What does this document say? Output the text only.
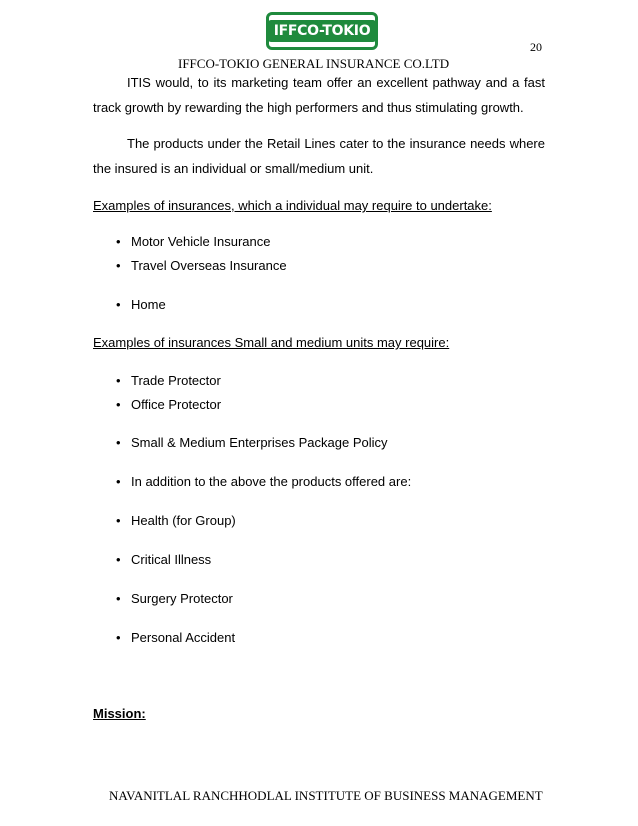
IFFCO-TOKIO
20
IFFCO-TOKIO GENERAL INSURANCE CO.LTD

ITIS would, to its marketing team offer an excellent pathway and a fast track growth by rewarding the high performers and thus stimulating growth.

The products under the Retail Lines cater to the insurance needs where the insured is an individual or small/medium unit.

Examples of insurances, which a individual may require to undertake:
• Motor Vehicle Insurance
• Travel Overseas Insurance
• Home
Examples of insurances Small and medium units may require:
• Trade Protector
• Office Protector
• Small & Medium Enterprises Package Policy
• In addition to the above the products offered are:
• Health (for Group)
• Critical Illness
• Surgery Protector
• Personal Accident
Mission:
NAVANITLAL RANCHHODLAL INSTITUTE OF BUSINESS MANAGEMENT
